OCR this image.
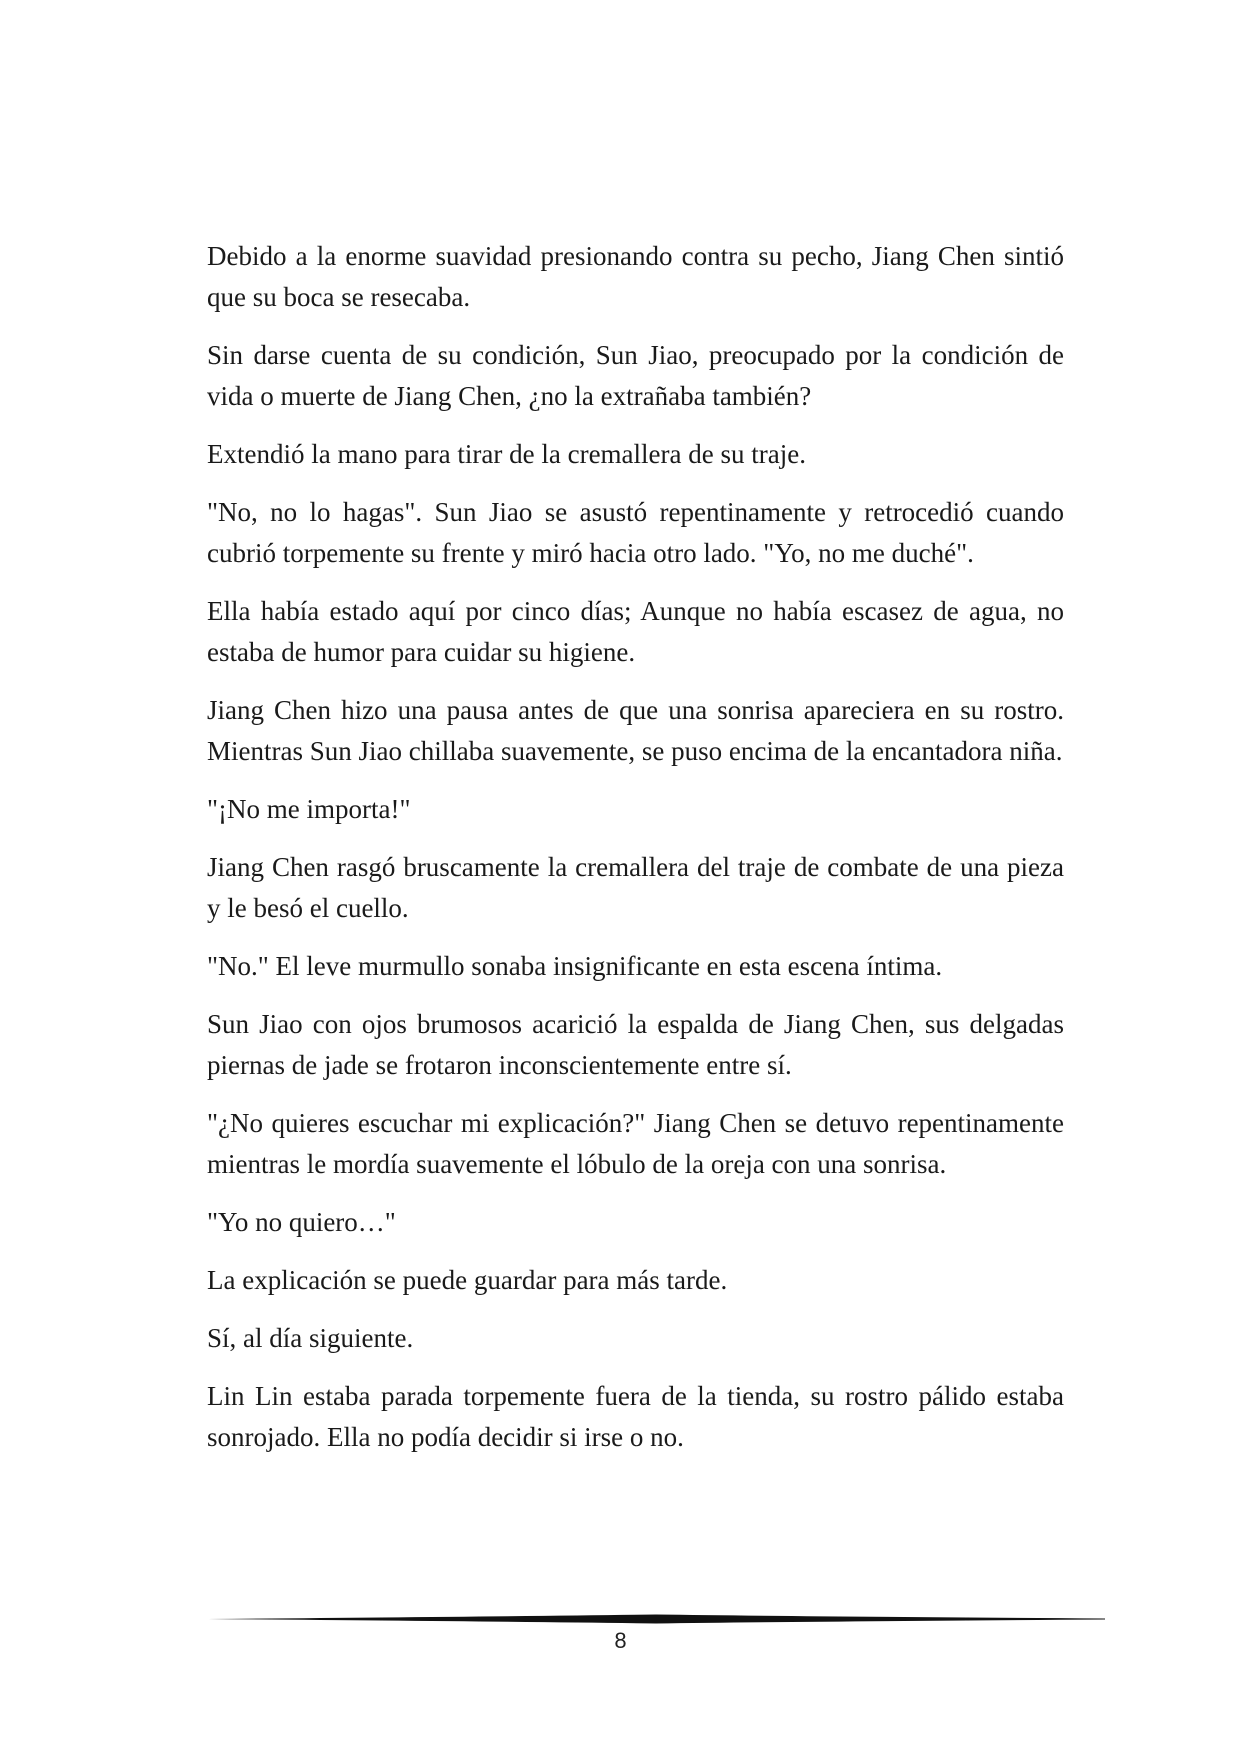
Debido a la enorme suavidad presionando contra su pecho, Jiang Chen sintió que su boca se resecaba.

Sin darse cuenta de su condición, Sun Jiao, preocupado por la condición de vida o muerte de Jiang Chen, ¿no la extrañaba también?

Extendió la mano para tirar de la cremallera de su traje.

"No, no lo hagas". Sun Jiao se asustó repentinamente y retrocedió cuando cubrió torpemente su frente y miró hacia otro lado. "Yo, no me duché".

Ella había estado aquí por cinco días; Aunque no había escasez de agua, no estaba de humor para cuidar su higiene.

Jiang Chen hizo una pausa antes de que una sonrisa apareciera en su rostro. Mientras Sun Jiao chillaba suavemente, se puso encima de la encantadora niña.

"¡No me importa!"

Jiang Chen rasgó bruscamente la cremallera del traje de combate de una pieza y le besó el cuello.

"No." El leve murmullo sonaba insignificante en esta escena íntima.

Sun Jiao con ojos brumosos acarició la espalda de Jiang Chen, sus delgadas piernas de jade se frotaron inconscientemente entre sí.

"¿No quieres escuchar mi explicación?" Jiang Chen se detuvo repentinamente mientras le mordía suavemente el lóbulo de la oreja con una sonrisa.

"Yo no quiero…"

La explicación se puede guardar para más tarde.

Sí, al día siguiente.

Lin Lin estaba parada torpemente fuera de la tienda, su rostro pálido estaba sonrojado. Ella no podía decidir si irse o no.

8
